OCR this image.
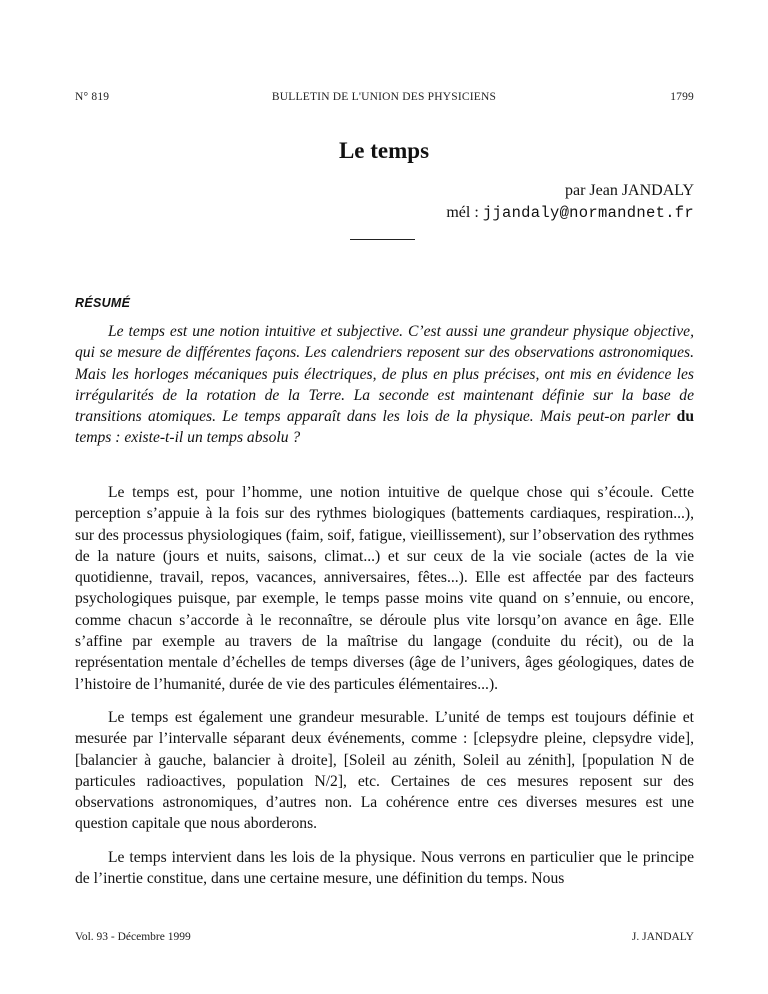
N° 819	BULLETIN DE L'UNION DES PHYSICIENS	1799
Le temps
par Jean JANDALY
mél : jjandaly@normandnet.fr
RÉSUMÉ

Le temps est une notion intuitive et subjective. C’est aussi une grandeur physique objective, qui se mesure de différentes façons. Les calendriers reposent sur des observations astronomiques. Mais les horloges mécaniques puis électriques, de plus en plus précises, ont mis en évidence les irrégularités de la rotation de la Terre. La seconde est maintenant définie sur la base de transitions atomiques. Le temps apparaît dans les lois de la physique. Mais peut-on parler du temps : existe-t-il un temps absolu ?

Le temps est, pour l’homme, une notion intuitive de quelque chose qui s’écoule. Cette perception s’appuie à la fois sur des rythmes biologiques (battements cardiaques, respiration...), sur des processus physiologiques (faim, soif, fatigue, vieillissement), sur l’observation des rythmes de la nature (jours et nuits, saisons, climat...) et sur ceux de la vie sociale (actes de la vie quotidienne, travail, repos, vacances, anniversaires, fêtes...). Elle est affectée par des facteurs psychologiques puisque, par exemple, le temps passe moins vite quand on s’ennuie, ou encore, comme chacun s’accorde à le reconnaître, se déroule plus vite lorsqu’on avance en âge. Elle s’affine par exemple au travers de la maîtrise du langage (conduite du récit), ou de la représentation mentale d’échelles de temps diverses (âge de l’univers, âges géologiques, dates de l’histoire de l’humanité, durée de vie des particules élémentaires...).

Le temps est également une grandeur mesurable. L’unité de temps est toujours définie et mesurée par l’intervalle séparant deux événements, comme : [clepsydre pleine, clepsydre vide], [balancier à gauche, balancier à droite], [Soleil au zénith, Soleil au zénith], [population N de particules radioactives, population N/2], etc. Certaines de ces mesures reposent sur des observations astronomiques, d’autres non. La cohérence entre ces diverses mesures est une question capitale que nous aborderons.

Le temps intervient dans les lois de la physique. Nous verrons en particulier que le principe de l’inertie constitue, dans une certaine mesure, une définition du temps. Nous

Vol. 93 - Décembre 1999	J. JANDALY
